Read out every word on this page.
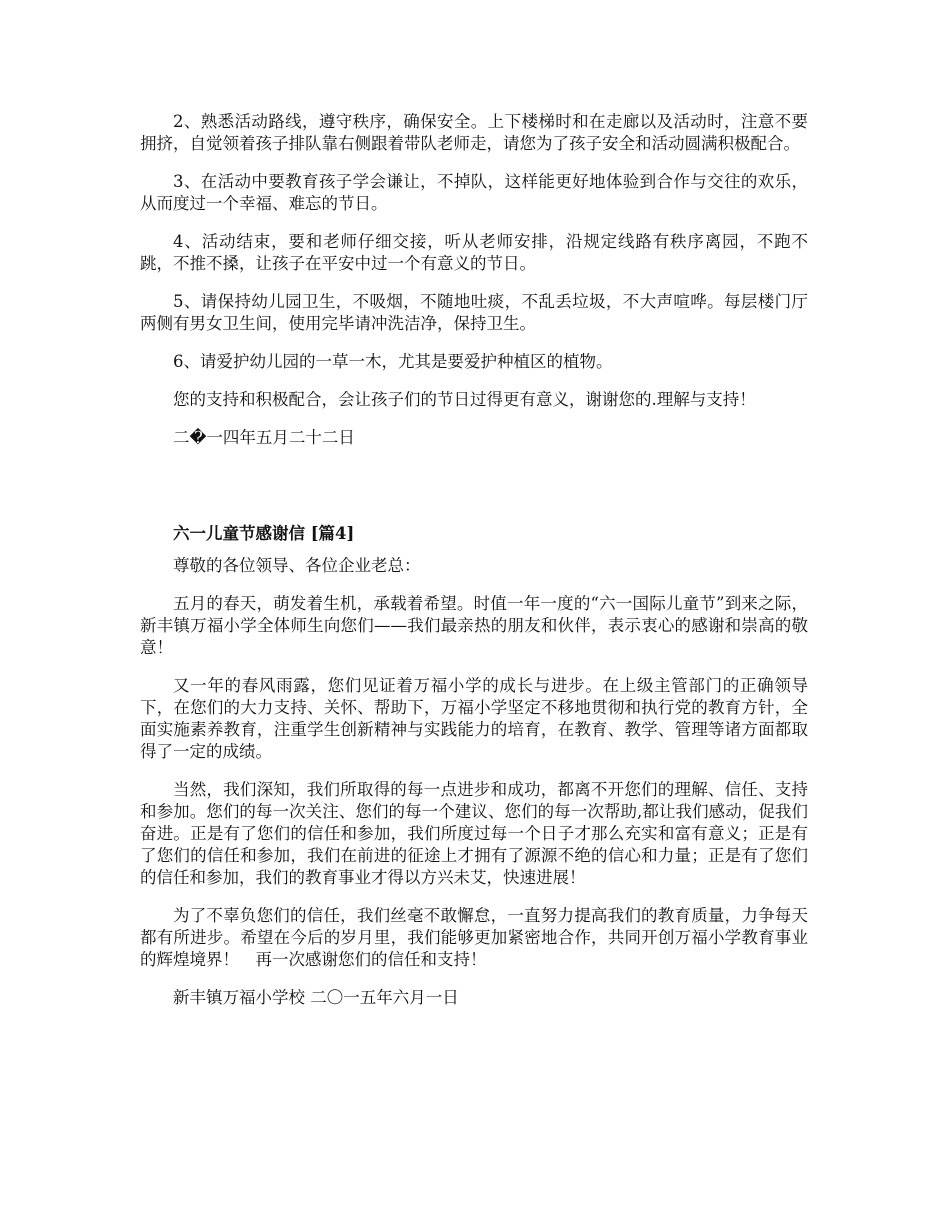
2、熟悉活动路线，遵守秩序，确保安全。上下楼梯时和在走廊以及活动时，注意不要拥挤，自觉领着孩子排队靠右侧跟着带队老师走，请您为了孩子安全和活动圆满积极配合。

3、在活动中要教育孩子学会谦让，不掉队，这样能更好地体验到合作与交往的欢乐，从而度过一个幸福、难忘的节日。

4、活动结束，要和老师仔细交接，听从老师安排，沿规定线路有秩序离园，不跑不跳，不推不搡，让孩子在平安中过一个有意义的节日。

5、请保持幼儿园卫生，不吸烟，不随地吐痰，不乱丢垃圾，不大声喧哗。每层楼门厅两侧有男女卫生间，使用完毕请冲洗洁净，保持卫生。

6、请爱护幼儿园的一草一木，尤其是要爱护种植区的植物。

您的支持和积极配合，会让孩子们的节日过得更有意义，谢谢您的.理解与支持！

二�一四年五月二十二日

六一儿童节感谢信 [篇4]

尊敬的各位领导、各位企业老总：

五月的春天，萌发着生机，承载着希望。时值一年一度的“六一国际儿童节”到来之际，新丰镇万福小学全体师生向您们——我们最亲热的朋友和伙伴，表示衷心的感谢和崇高的敬意！

又一年的春风雨露，您们见证着万福小学的成长与进步。在上级主管部门的正确领导下，在您们的大力支持、关怀、帮助下，万福小学坚定不移地贯彻和执行党的教育方针，全面实施素养教育，注重学生创新精神与实践能力的培育，在教育、教学、管理等诸方面都取得了一定的成绩。

当然，我们深知，我们所取得的每一点进步和成功，都离不开您们的理解、信任、支持和参加。您们的每一次关注、您们的每一个建议、您们的每一次帮助,都让我们感动，促我们奋进。正是有了您们的信任和参加，我们所度过每一个日子才那么充实和富有意义；正是有了您们的信任和参加，我们在前进的征途上才拥有了源源不绝的信心和力量；正是有了您们的信任和参加，我们的教育事业才得以方兴未艾，快速进展！

为了不辜负您们的信任，我们丝毫不敢懈怠，一直努力提高我们的教育质量，力争每天都有所进步。希望在今后的岁月里，我们能够更加紧密地合作，共同开创万福小学教育事业的辉煌境界！　再一次感谢您们的信任和支持！

新丰镇万福小学校 二〇一五年六月一日
